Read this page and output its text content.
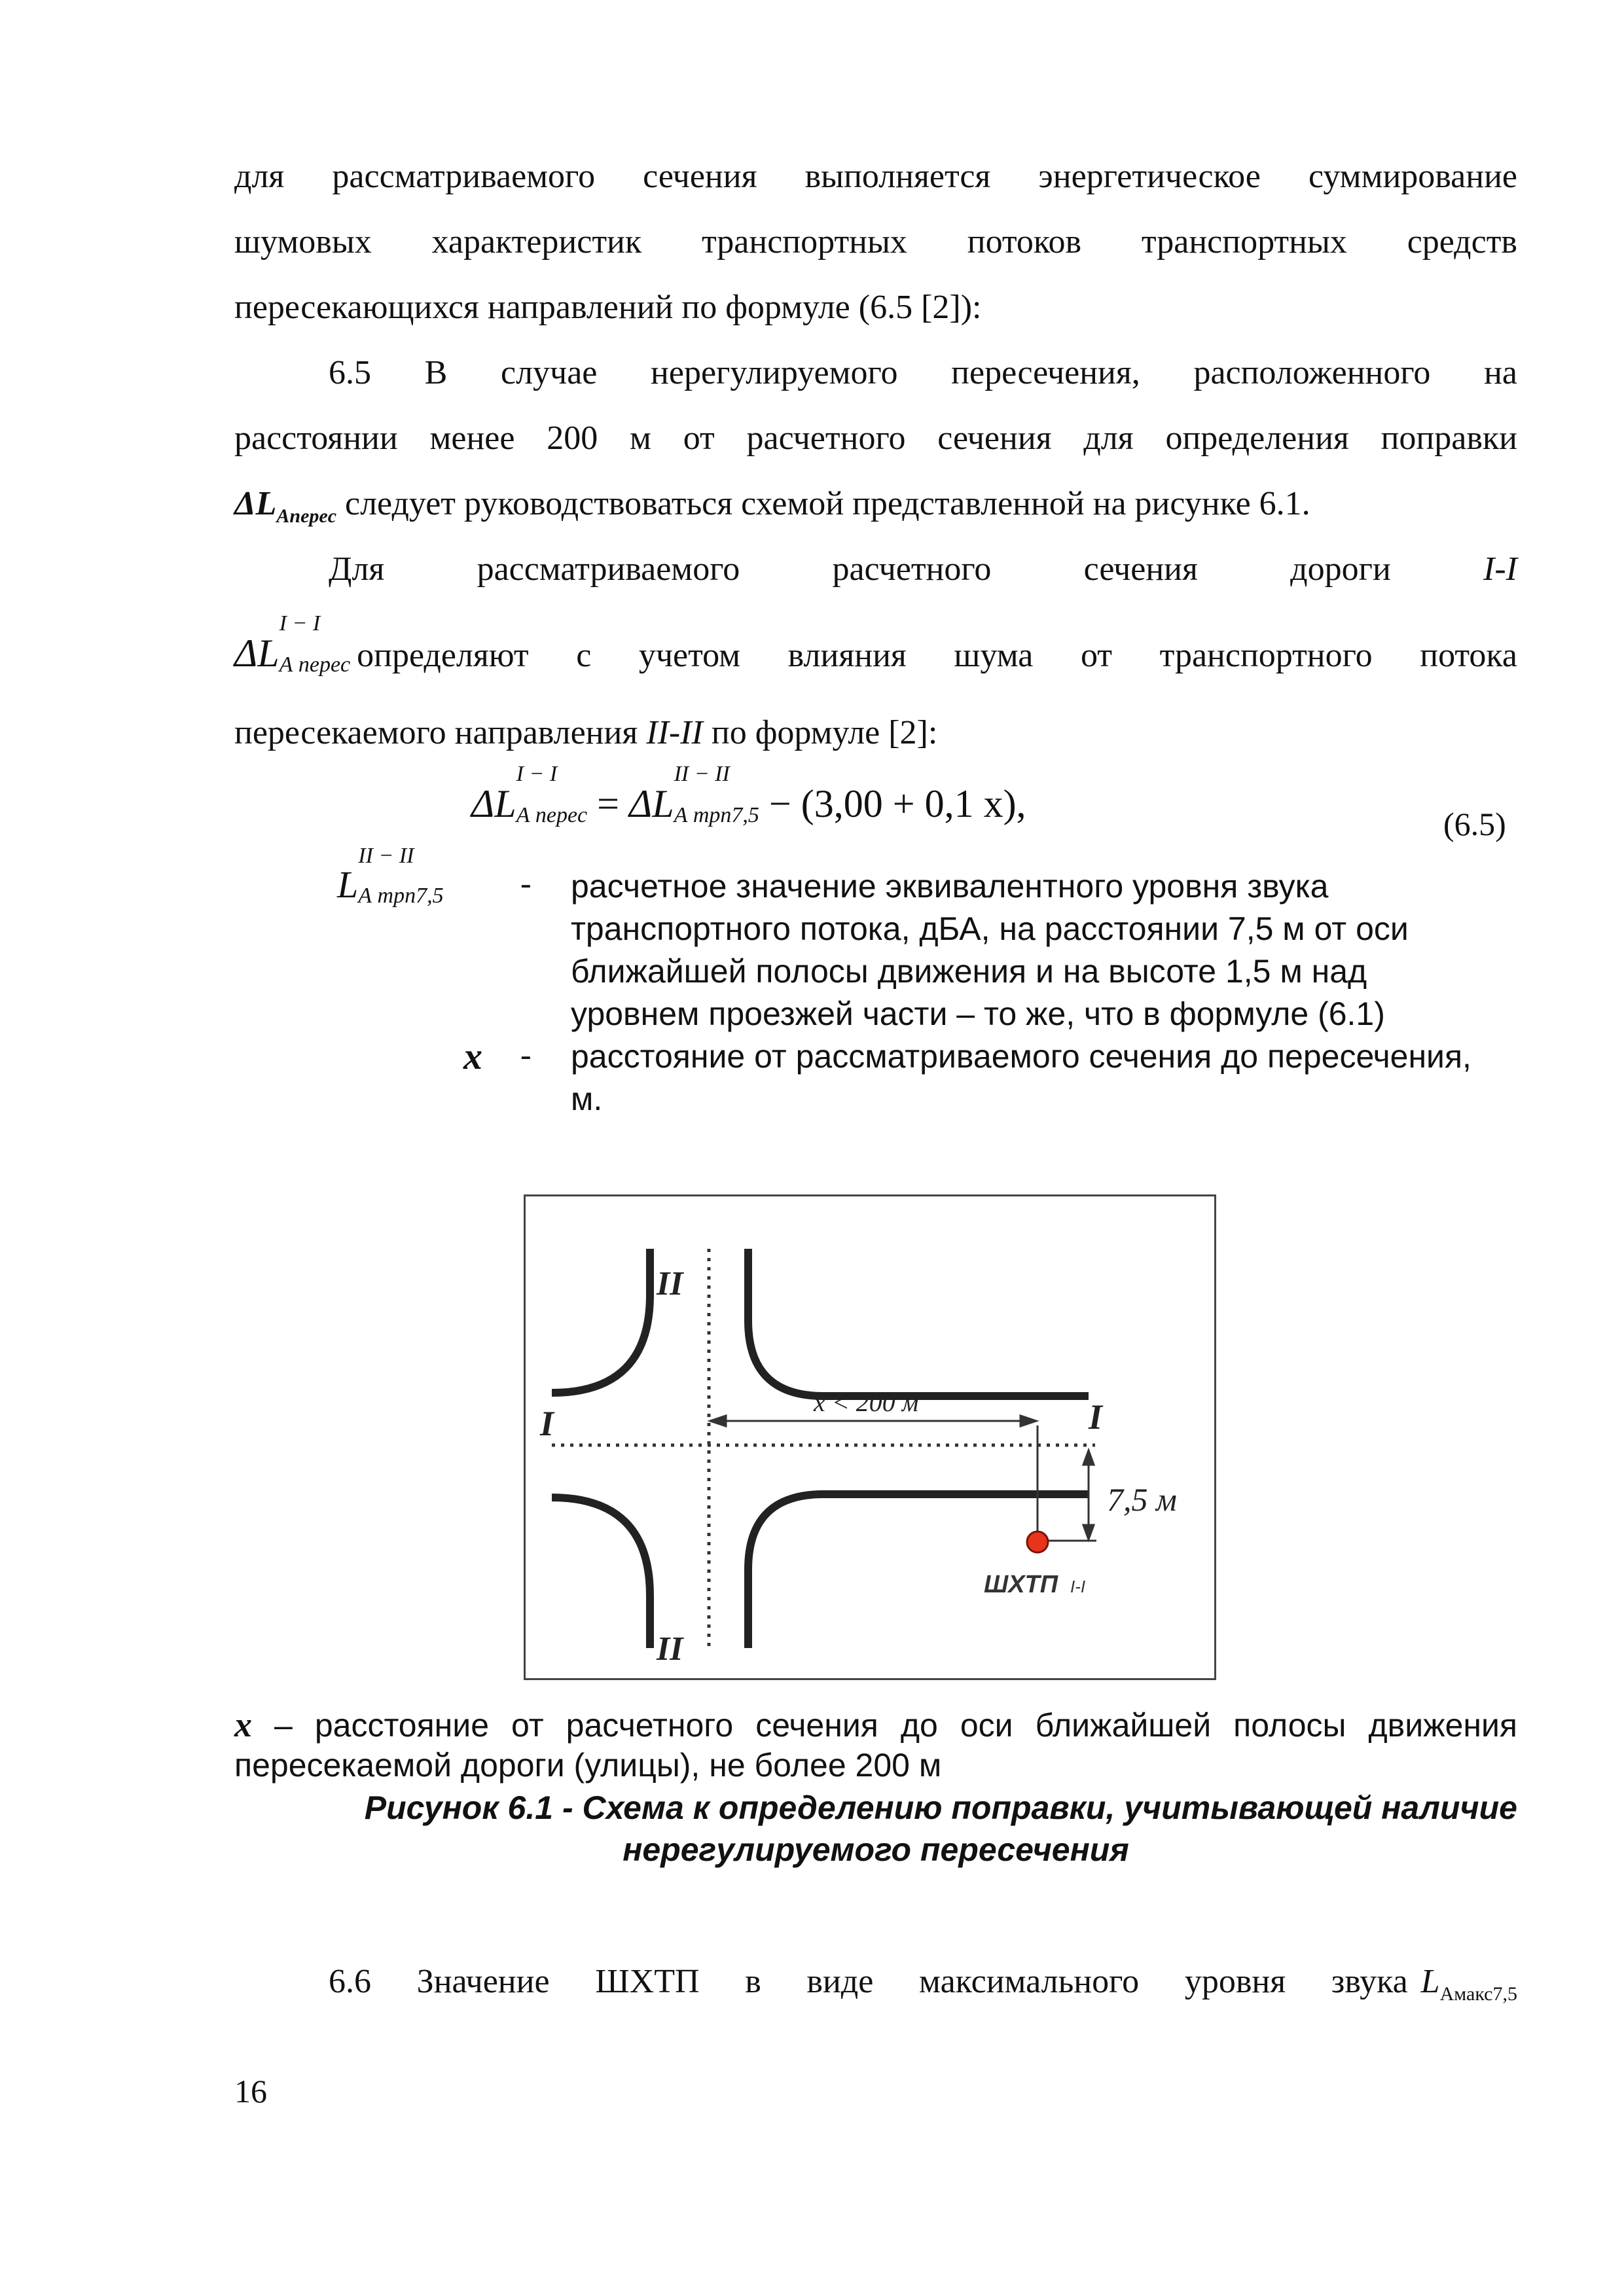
для рассматриваемого сечения выполняется энергетическое суммирование
шумовых характеристик транспортных потоков транспортных средств
пересекающихся направлений по формуле (6.5 [2]):
6.5 В случае нерегулируемого пересечения, расположенного на
расстоянии менее 200 м от расчетного сечения для определения поправки
$\Delta L_{Апеpec}$ следует руководствоваться схемой представленной на рисунке 6.1.
Для	рассматриваемого	расчетного	сечения	дороги	I-I
ΔL
I − I
А пеpec определяют с учетом влияния шума от транспортного потока
пересекаемого направления II-II по формуле [2]:
ΔL
I − I
А пеpec = ΔL
II − II
А тpп7,5 − (3,00 + 0,1 x),	(6.5)
L
II − II
А тpп7,5 - расчетное значение эквивалентного уровня звука
транспортного потока, дБА, на расстоянии 7,5 м от оси
ближайшей полосы движения и на высоте 1,5 м над
уровнем проезжей части – то же, что в формуле (6.1)
x - расстояние от рассматриваемого сечения до пересечения,
м.
II
II
I	I
x < 200 м
7,5 м
ШХТП I-I
x – расстояние от расчетного сечения до оси ближайшей полосы движения
пересекаемой дороги (улицы), не более 200 м
Рисунок 6.1 - Схема к определению поправки, учитывающей наличие
нерегулируемого пересечения
6.6 Значение ШХТП в виде максимального уровня звука $L_{Aмакс7,5}$
16
